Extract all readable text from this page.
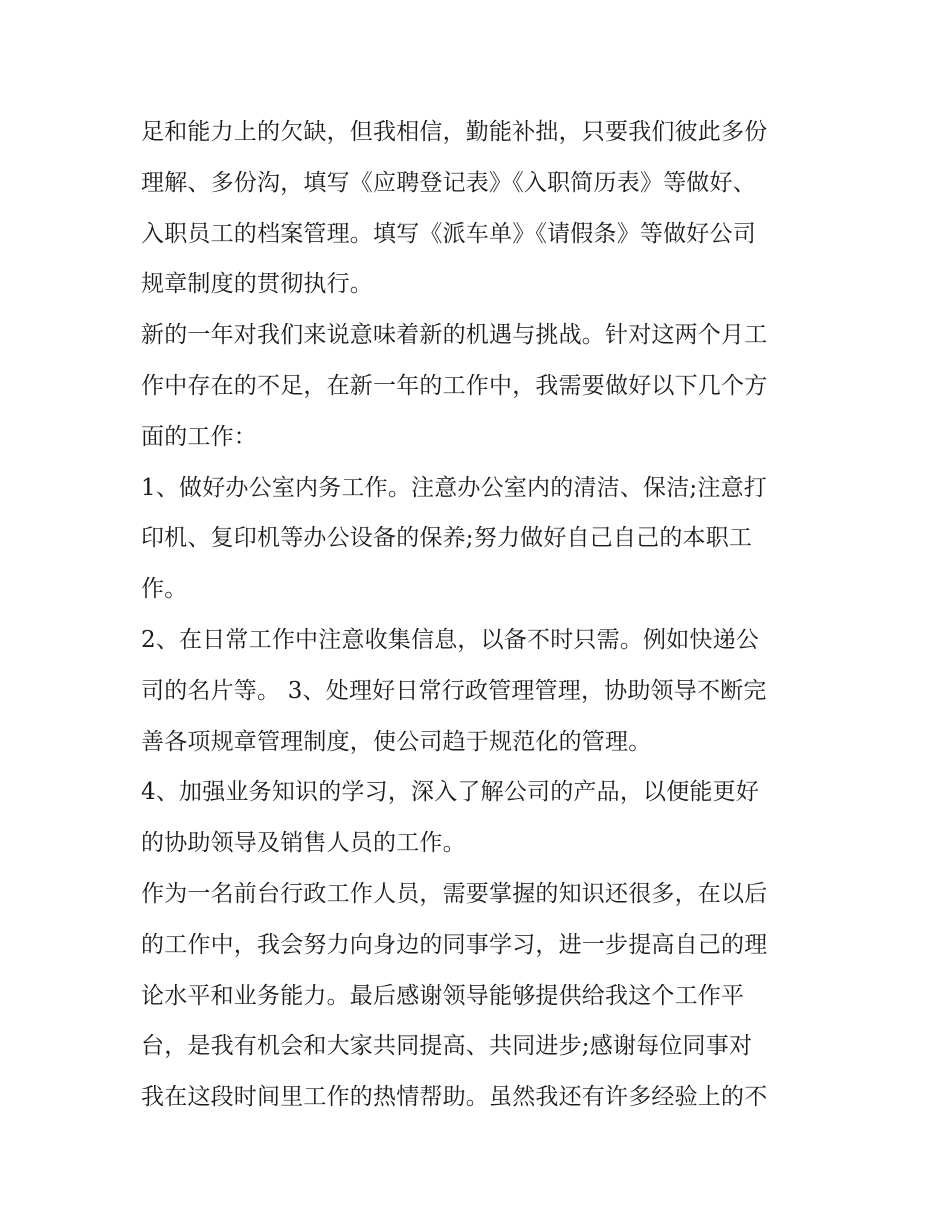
足和能力上的欠缺，但我相信，勤能补拙，只要我们彼此多份
理解、多份沟，填写《应聘登记表》《入职简历表》等做好、
入职员工的档案管理。填写《派车单》《请假条》等做好公司
规章制度的贯彻执行。
新的一年对我们来说意味着新的机遇与挑战。针对这两个月工
作中存在的不足，在新一年的工作中，我需要做好以下几个方
面的工作：
1、做好办公室内务工作。注意办公室内的清洁、保洁;注意打
印机、复印机等办公设备的保养;努力做好自己自己的本职工
作。
2、在日常工作中注意收集信息，以备不时只需。例如快递公
司的名片等。 3、处理好日常行政管理管理，协助领导不断完
善各项规章管理制度，使公司趋于规范化的管理。
4、加强业务知识的学习，深入了解公司的产品，以便能更好
的协助领导及销售人员的工作。
作为一名前台行政工作人员，需要掌握的知识还很多，在以后
的工作中，我会努力向身边的同事学习，进一步提高自己的理
论水平和业务能力。最后感谢领导能够提供给我这个工作平
台，是我有机会和大家共同提高、共同进步;感谢每位同事对
我在这段时间里工作的热情帮助。虽然我还有许多经验上的不
